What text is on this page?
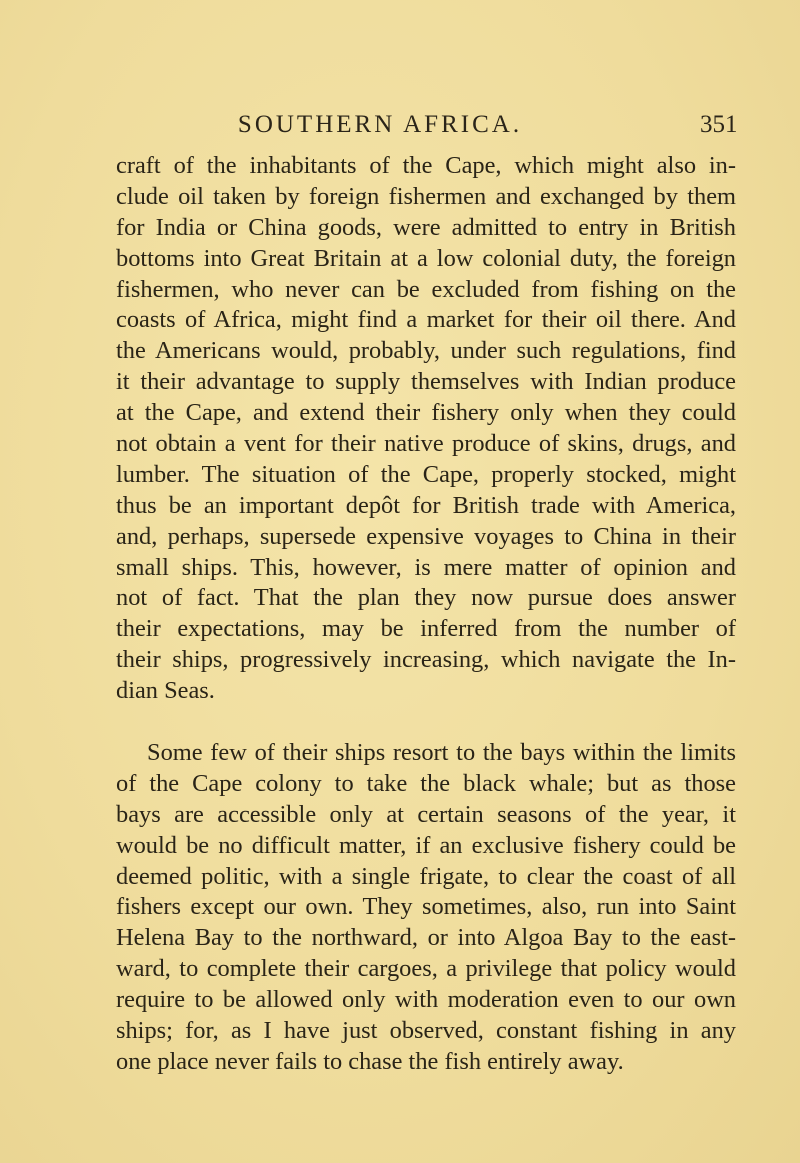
SOUTHERN AFRICA.	351
craft of the inhabitants of the Cape, which might also in-
clude oil taken by foreign fishermen and exchanged by them
for India or China goods, were admitted to entry in British
bottoms into Great Britain at a low colonial duty, the foreign
fishermen, who never can be excluded from fishing on the
coasts of Africa, might find a market for their oil there. And
the Americans would, probably, under such regulations, find
it their advantage to supply themselves with Indian produce
at the Cape, and extend their fishery only when they could
not obtain a vent for their native produce of skins, drugs, and
lumber. The situation of the Cape, properly stocked, might
thus be an important depôt for British trade with America,
and, perhaps, supersede expensive voyages to China in their
small ships. This, however, is mere matter of opinion and
not of fact. That the plan they now pursue does answer
their expectations, may be inferred from the number of
their ships, progressively increasing, which navigate the In-
dian Seas.
Some few of their ships resort to the bays within the limits
of the Cape colony to take the black whale; but as those
bays are accessible only at certain seasons of the year, it
would be no difficult matter, if an exclusive fishery could be
deemed politic, with a single frigate, to clear the coast of all
fishers except our own. They sometimes, also, run into Saint
Helena Bay to the northward, or into Algoa Bay to the east-
ward, to complete their cargoes, a privilege that policy would
require to be allowed only with moderation even to our own
ships; for, as I have just observed, constant fishing in any
one place never fails to chase the fish entirely away.
